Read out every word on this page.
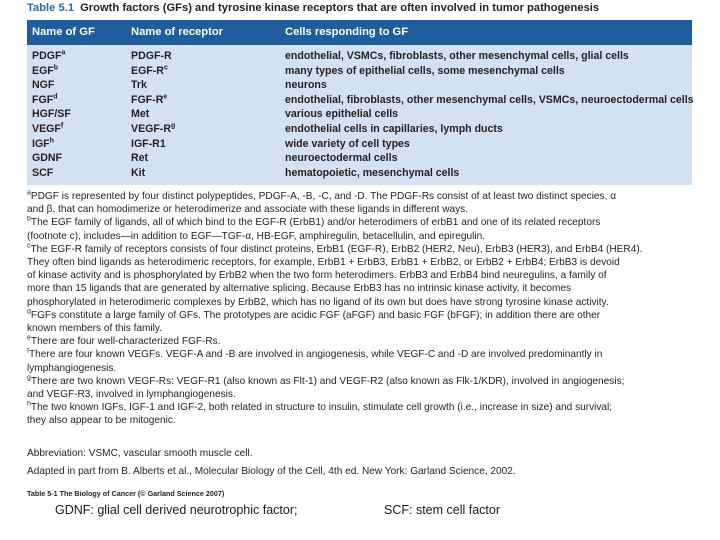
Table 5.1 Growth factors (GFs) and tyrosine kinase receptors that are often involved in tumor pathogenesis
Name of GF	Name of receptor	Cells responding to GF
PDGF$^a$	PDGF-R	endothelial, VSMCs, fibroblasts, other mesenchymal cells, glial cells
EGF$^b$	EGF-$R^c$	many types of epithelial cells, some mesenchymal cells
NGF	Trk	neurons
FGF$^d$	FGF-$R^e$	endothelial, fibroblasts, other mesenchymal cells, VSMCs, neuroectodermal cells
HGF/SF	Met	various epithelial cells
VEGF$^f$	VEGF-$R^g$	endothelial cells in capillaries, lymph ducts
IGF$^h$	IGF-R1	wide variety of cell types
GDNF	Ret	neuroectodermal cells
SCF	Kit	hematopoietic, mesenchymal cells

$^a$PDGF is represented by four distinct polypeptides, PDGF-A, -B, -C, and -D. The PDGF-Rs consist of at least two distinct species, α

and β, that can homodimerize or heterodimerize and associate with these ligands in different ways.

$^b$The EGF family of ligands, all of which bind to the EGF-R (ErbB1) and/or heterodimers of erbB1 and one of its related receptors

(footnote c), includes—in addition to EGF—TGF-α, HB-EGF, amphiregulin, betacellulin, and epiregulin.

$^c$The EGF-R family of receptors consists of four distinct proteins, ErbB1 (EGF-R), ErbB2 (HER2, Neu), ErbB3 (HER3), and ErbB4 (HER4).

They often bind ligands as heterodimeric receptors, for example, ErbB1 + ErbB3, ErbB1 + ErbB2, or ErbB2 + ErbB4; ErbB3 is devoid

of kinase activity and is phosphorylated by ErbB2 when the two form heterodimers. ErbB3 and ErbB4 bind neuregulins, a family of

more than 15 ligands that are generated by alternative splicing. Because ErbB3 has no intrinsic kinase activity, it becomes

phosphorylated in heterodimeric complexes by ErbB2, which has no ligand of its own but does have strong tyrosine kinase activity.

$^d$FGFs constitute a large family of GFs. The prototypes are acidic FGF (aFGF) and basic FGF (bFGF); in addition there are other

known members of this family.

$^e$There are four well-characterized FGF-Rs.

$^f$There are four known VEGFs. VEGF-A and -B are involved in angiogenesis, while VEGF-C and -D are involved predominantly in

lymphangiogenesis.

$^g$There are two known VEGF-Rs: VEGF-R1 (also known as Flt-1) and VEGF-R2 (also known as Flk-1/KDR), involved in angiogenesis;

and VEGF-R3, involved in lymphangiogenesis.

$^h$The two known IGFs, IGF-1 and IGF-2, both related in structure to insulin, stimulate cell growth (i.e., increase in size) and survival;

they also appear to be mitogenic.

Abbreviation: VSMC, vascular smooth muscle cell.

Adapted in part from B. Alberts et al., Molecular Biology of the Cell, 4th ed. New York: Garland Science, 2002.

Table 5-1 The Biology of Cancer (© Garland Science 2007)
GDNF: glial cell derived neurotrophic factor;	SCF: stem cell factor
